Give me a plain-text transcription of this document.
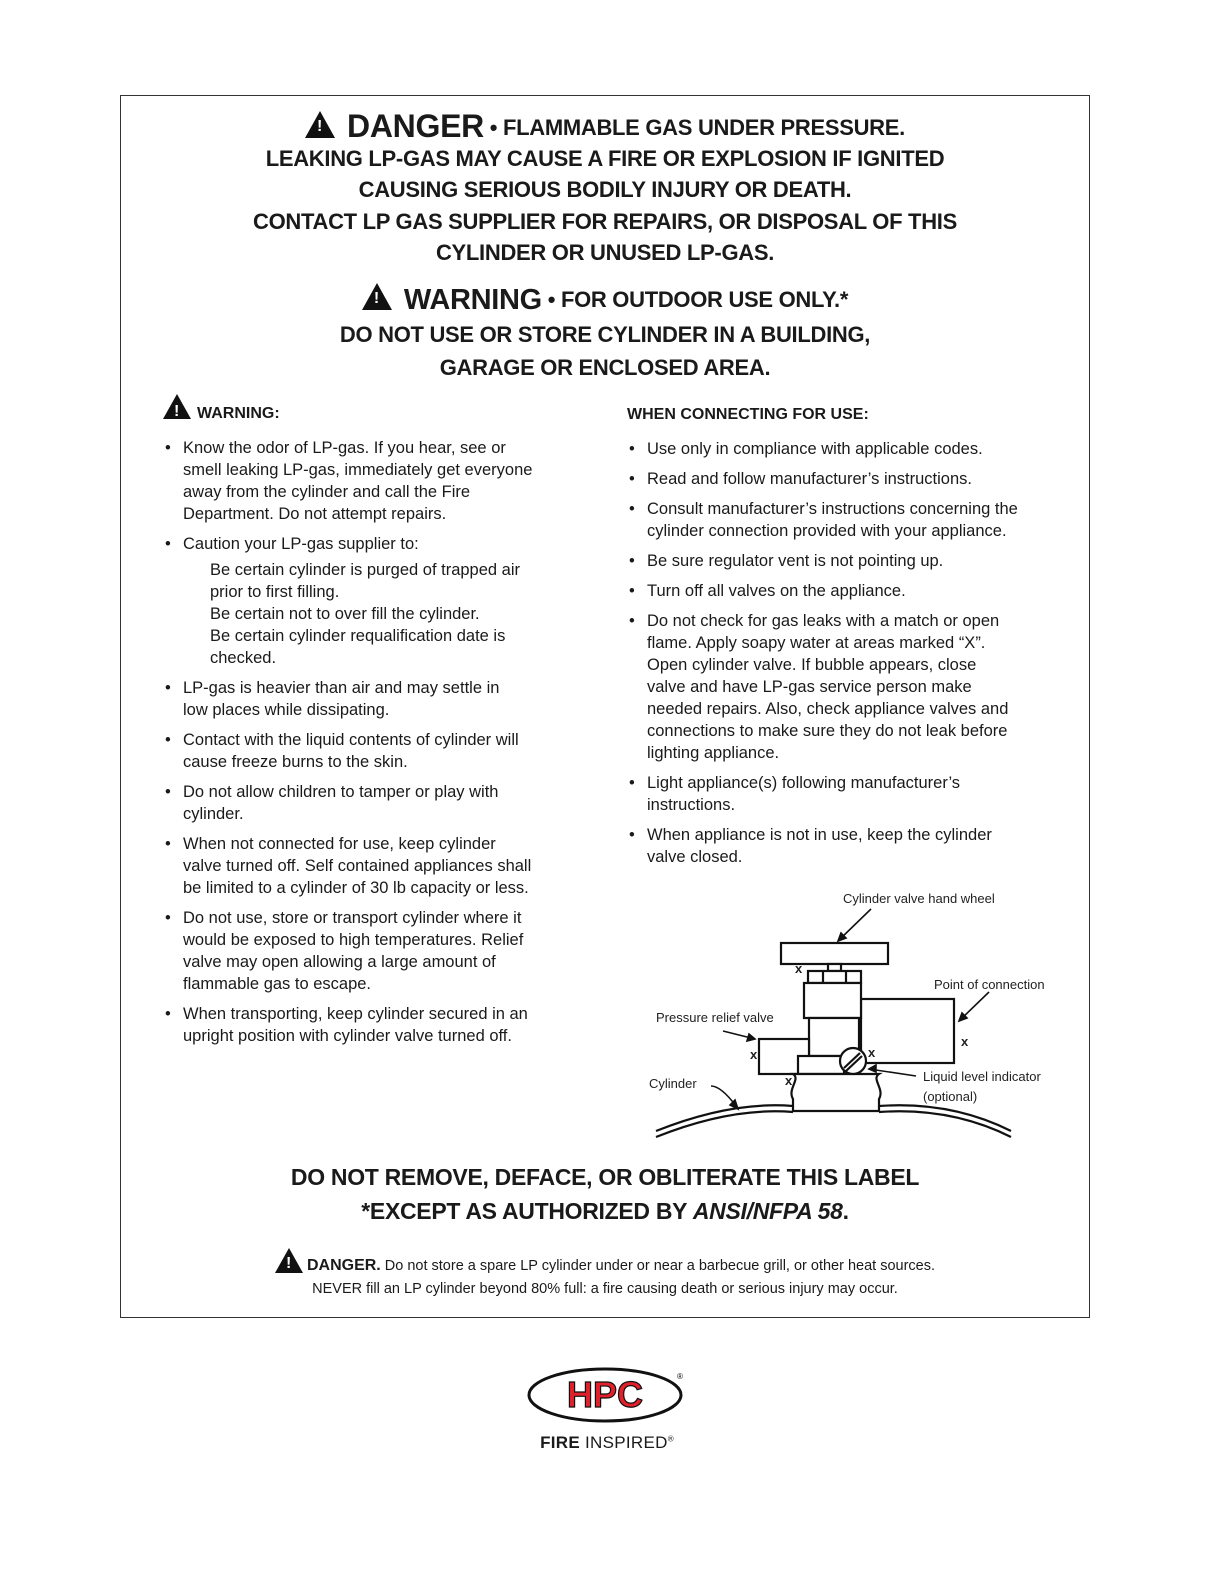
!DANGER • FLAMMABLE GAS UNDER PRESSURE.
LEAKING LP-GAS MAY CAUSE A FIRE OR EXPLOSION IF IGNITED
CAUSING SERIOUS BODILY INJURY OR DEATH.
CONTACT LP GAS SUPPLIER FOR REPAIRS, OR DISPOSAL OF THIS
CYLINDER OR UNUSED LP-GAS.
!WARNING • FOR OUTDOOR USE ONLY.*
DO NOT USE OR STORE CYLINDER IN A BUILDING,
GARAGE OR ENCLOSED AREA.
!WARNING:
• Know the odor of LP-gas. If you hear, see or smell leaking LP-gas, immediately get everyone away from the cylinder and call the Fire Department. Do not attempt repairs.
• Caution your LP-gas supplier to:
Be certain cylinder is purged of trapped air prior to first filling.
Be certain not to over fill the cylinder.
Be certain cylinder requalification date is checked.
• LP-gas is heavier than air and may settle in low places while dissipating.
• Contact with the liquid contents of cylinder will cause freeze burns to the skin.
• Do not allow children to tamper or play with cylinder.
• When not connected for use, keep cylinder valve turned off. Self contained appliances shall be limited to a cylinder of 30 lb capacity or less.
• Do not use, store or transport cylinder where it would be exposed to high temperatures. Relief valve may open allowing a large amount of flammable gas to escape.
• When transporting, keep cylinder secured in an upright position with cylinder valve turned off.
WHEN CONNECTING FOR USE:
• Use only in compliance with applicable codes.
• Read and follow manufacturer’s instructions.
• Consult manufacturer’s instructions concerning the cylinder connection provided with your appliance.
• Be sure regulator vent is not pointing up.
• Turn off all valves on the appliance.
• Do not check for gas leaks with a match or open flame. Apply soapy water at areas marked “X”. Open cylinder valve. If bubble appears, close valve and have LP-gas service person make needed repairs. Also, check appliance valves and connections to make sure they do not leak before lighting appliance.
• Light appliance(s) following manufacturer’s instructions.
• When appliance is not in use, keep the cylinder valve closed.
x
x
x	x
x
Cylinder valve hand wheel
Point of connection
Pressure relief valve
Cylinder	Liquid level indicator
(optional)
DO NOT REMOVE, DEFACE, OR OBLITERATE THIS LABEL
*EXCEPT AS AUTHORIZED BY ANSI/NFPA 58.
!DANGER. Do not store a spare LP cylinder under or near a barbecue grill, or other heat sources.
NEVER fill an LP cylinder beyond 80% full: a fire causing death or serious injury may occur.
HPC	®
FIRE INSPIRED®
